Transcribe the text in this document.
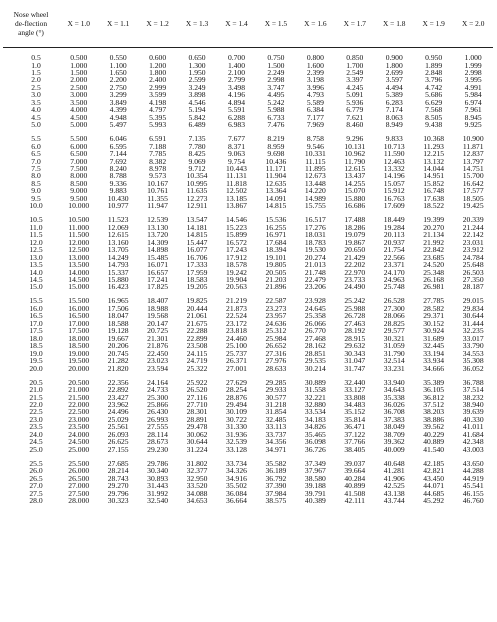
Nose wheel
de-flection
angle (°)	X = 1.0	X = 1.1	X = 1.2	X = 1.3	X = 1.4	X = 1.5	X = 1.6	X = 1.7	X = 1.8	X = 1.9	X = 2.0

0.5	0.500	0.550	0.600	0.650	0.700	0.750	0.800	0.850	0.900	0.950	1.000
1.0	1.000	1.100	1.200	1.300	1.400	1.500	1.600	1.700	1.800	1.899	1.999
1.5	1.500	1.650	1.800	1.950	2.100	2.249	2.399	2.549	2.699	2.848	2.998
2.0	2.000	2.200	2.400	2.599	2.799	2.998	3.198	3.397	3.597	3.796	3.995
2.5	2.500	2.750	2.999	3.249	3.498	3.747	3.996	4.245	4.494	4.742	4.991
3.0	3.000	3.299	3.599	3.898	4.196	4.495	4.793	5.091	5.389	5.686	5.984
3.5	3.500	3.849	4.198	4.546	4.894	5.242	5.589	5.936	6.283	6.629	6.974
4.0	4.000	4.399	4.797	5.194	5.591	5.988	6.384	6.779	7.174	7.568	7.961
4.5	4.500	4.948	5.395	5.842	6.288	6.733	7.177	7.621	8.063	8.505	8.945
5.0	5.000	5.497	5.993	6.489	6.983	7.476	7.969	8.460	8.949	9.438	9.925

5.5	5.500	6.046	6.591	7.135	7.677	8.219	8.758	9.296	9.833	10.368	10.900
6.0	6.000	6.595	7.188	7.780	8.371	8.959	9.546	10.131	10.713	11.293	11.871
6.5	6.500	7.144	7.785	8.425	9.063	9.698	10.331	10.962	11.590	12.215	12.837
7.0	7.000	7.692	8.382	9.069	9.754	10.436	11.115	11.790	12.463	13.132	13.797
7.5	7.500	8.240	8.978	9.712	10.443	11.171	11.895	12.615	13.332	14.044	14.751
8.0	8.000	8.788	9.573	10.354	11.131	11.904	12.673	13.437	14.196	14.951	15.700
8.5	8.500	9.336	10.167	10.995	11.818	12.635	13.448	14.255	15.057	15.852	16.642
9.0	9.000	9.883	10.761	11.635	12.502	13.364	14.220	15.070	15.912	16.748	17.577
9.5	9.500	10.430	11.355	12.273	13.185	14.091	14.989	15.880	16.763	17.638	18.505
10.0	10.000	10.977	11.947	12.911	13.867	14.815	15.755	16.686	17.609	18.522	19.425

10.5	10.500	11.523	12.539	13.547	14.546	15.536	16.517	17.488	18.449	19.399	20.339
11.0	11.000	12.069	13.130	14.181	15.223	16.255	17.276	18.286	19.284	20.270	21.244
11.5	11.500	12.615	13.720	14.815	15.899	16.971	18.031	19.079	20.113	21.134	22.142
12.0	12.000	13.160	14.309	15.447	16.572	17.684	18.783	19.867	20.937	21.992	23.031
12.5	12.500	13.705	14.898	16.077	17.243	18.394	19.530	20.650	21.754	22.842	23.912
13.0	13.000	14.249	15.485	16.706	17.912	19.101	20.274	21.429	22.566	23.685	24.784
13.5	13.500	14.793	16.071	17.333	18.578	19.805	21.013	22.202	23.371	24.520	25.648
14.0	14.000	15.337	16.657	17.959	19.242	20.505	21.748	22.970	24.170	25.348	26.503
14.5	14.500	15.880	17.241	18.583	19.904	21.203	22.479	23.733	24.963	26.168	27.350
15.0	15.000	16.423	17.825	19.205	20.563	21.896	23.206	24.490	25.748	26.981	28.187

15.5	15.500	16.965	18.407	19.825	21.219	22.587	23.928	25.242	26.528	27.785	29.015
16.0	16.000	17.506	18.988	20.444	21.873	23.273	24.645	25.988	27.300	28.582	29.834
16.5	16.500	18.047	19.568	21.061	22.524	23.957	25.358	26.728	28.066	29.371	30.644
17.0	17.000	18.588	20.147	21.675	23.172	24.636	26.066	27.463	28.825	30.152	31.444
17.5	17.500	19.128	20.725	22.288	23.818	25.312	26.770	28.192	29.577	30.924	32.235
18.0	18.000	19.667	21.301	22.899	24.460	25.984	27.468	28.915	30.321	31.689	33.017
18.5	18.500	20.206	21.876	23.508	25.100	26.652	28.162	29.632	31.059	32.445	33.790
19.0	19.000	20.745	22.450	24.115	25.737	27.316	28.851	30.343	31.790	33.194	34.553
19.5	19.500	21.282	23.023	24.719	26.371	27.976	29.535	31.047	32.514	33.934	35.308
20.0	20.000	21.820	23.594	25.322	27.001	28.633	30.214	31.747	33.231	34.666	36.052

20.5	20.500	22.356	24.164	25.922	27.629	29.285	30.889	32.440	33.940	35.389	36.788
21.0	21.000	22.892	24.733	26.520	28.254	29.933	31.558	33.127	34.643	36.105	37.514
21.5	21.500	23.427	25.300	27.116	28.876	30.577	32.221	33.808	35.338	36.812	38.232
22.0	22.000	23.962	25.866	27.710	29.494	31.218	32.880	34.483	36.026	37.512	38.940
22.5	22.500	24.496	26.430	28.301	30.109	31.854	33.534	35.152	36.708	38.203	39.639
23.0	23.000	25.029	26.993	28.891	30.722	32.485	34.183	35.814	37.383	38.886	40.330
23.5	23.500	25.561	27.555	29.478	31.330	33.113	34.826	36.471	38.049	39.562	41.011
24.0	24.000	26.093	28.114	30.062	31.936	33.737	35.465	37.122	38.709	40.229	41.684
24.5	24.500	26.625	28.673	30.644	32.539	34.356	36.098	37.766	39.362	40.889	42.348
25.0	25.000	27.155	29.230	31.224	33.128	34.971	36.726	38.405	40.009	41.540	43.003

25.5	25.500	27.685	29.786	31.802	33.734	35.582	37.349	39.037	40.648	42.185	43.650
26.0	26.000	28.214	30.340	32.377	34.326	36.189	37.967	39.664	41.281	42.821	44.288
26.5	26.500	28.743	30.893	32.950	34.916	36.792	38.580	40.284	41.906	43.450	44.919
27.0	27.000	29.270	31.443	33.520	35.502	37.390	39.188	40.899	42.525	44.071	45.541
27.5	27.500	29.796	31.992	34.088	36.084	37.984	39.791	41.508	43.138	44.685	46.155
28.0	28.000	30.323	32.540	34.653	36.664	38.575	40.389	42.111	43.744	45.292	46.760
